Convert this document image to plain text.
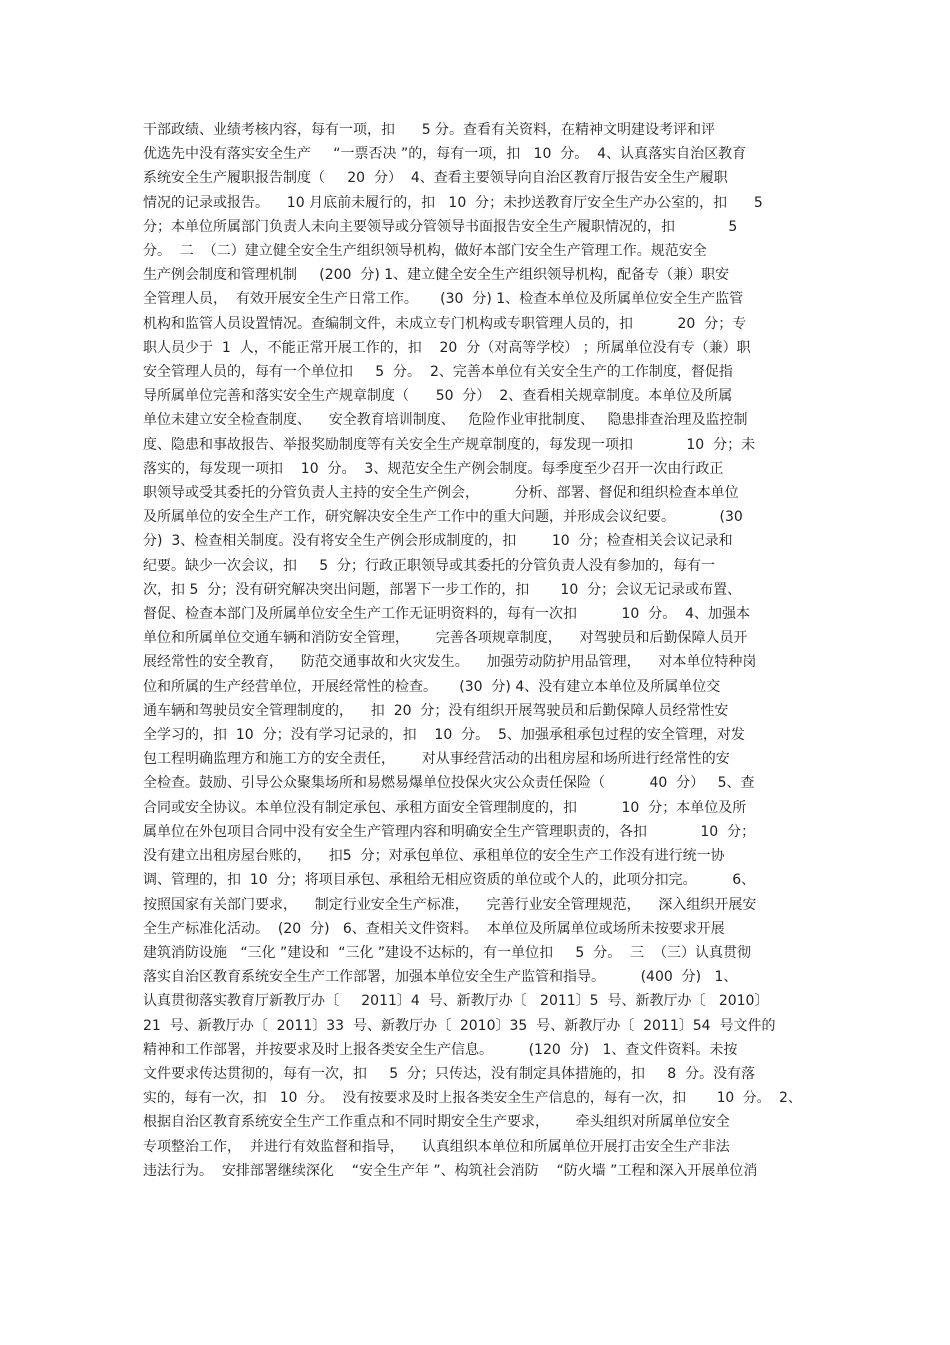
干部政绩、业绩考核内容，每有一项，扣      5 分。查看有关资料，在精神文明建设考评和评
优选先中没有落实安全生产     “一票否决 ”的，每有一项，扣   10  分。  4、认真落实自治区教育
系统安全生产履职报告制度（     20  分）  4、查看主要领导向自治区教育厅报告安全生产履职
情况的记录或报告。    10 月底前未履行的，扣   10  分；未抄送教育厅安全生产办公室的，扣      5
分；本单位所属部门负责人未向主要领导或分管领导书面报告安全生产履职情况的，扣            5
分。  二  （二）建立健全安全生产组织领导机构，做好本部门安全生产管理工作。规范安全
生产例会制度和管理机制     (200  分) 1、建立健全安全生产组织领导机构，配备专（兼）职安
全管理人员，  有效开展安全生产日常工作。     (30  分) 1、检查本单位及所属单位安全生产监管
机构和监管人员设置情况。查编制文件，未成立专门机构或专职管理人员的，扣          20  分；专
职人员少于  1  人，不能正常开展工作的，扣    20  分（对高等学校） ；所属单位没有专（兼）职
安全管理人员的，每有一个单位扣     5  分。  2、完善本单位有关安全生产的工作制度，督促指
导所属单位完善和落实安全生产规章制度（      50  分）  2、查看相关规章制度。本单位及所属
单位未建立安全检查制度、    安全教育培训制度、   危险作业审批制度、   隐患排查治理及监控制
度、隐患和事故报告、举报奖励制度等有关安全生产规章制度的，每发现一项扣            10  分；未
落实的，每发现一项扣    10  分。  3、规范安全生产例会制度。每季度至少召开一次由行政正
职领导或受其委托的分管负责人主持的安全生产例会，        分析、部署、督促和组织检查本单位
及所属单位的安全生产工作，研究解决安全生产工作中的重大问题，并形成会议纪要。          (30
分)  3、检查相关制度。没有将安全生产例会形成制度的，扣        10  分；检查相关会议记录和
纪要。缺少一次会议，扣     5  分；行政正职领导或其委托的分管负责人没有参加的，每有一
次，扣 5  分；没有研究解决突出问题，部署下一步工作的，扣       10  分；会议无记录或布置、
督促、检查本部门及所属单位安全生产工作无证明资料的，每有一次扣          10  分。  4、加强本
单位和所属单位交通车辆和消防安全管理，      完善各项规章制度，    对驾驶员和后勤保障人员开
展经常性的安全教育，    防范交通事故和火灾发生。    加强劳动防护用品管理，    对本单位特种岗
位和所属的生产经营单位，开展经常性的检查。     (30  分) 4、没有建立本单位及所属单位交
通车辆和驾驶员安全管理制度的，    扣  20  分；没有组织开展驾驶员和后勤保障人员经常性安
全学习的，扣  10  分；没有学习记录的，扣    10  分。  5、加强承租承包过程的安全管理，对发
包工程明确监理方和施工方的安全责任，      对从事经营活动的出租房屋和场所进行经常性的安
全检查。鼓励、引导公众聚集场所和易燃易爆单位投保火灾公众责任保险（          40  分）   5、查
合同或安全协议。本单位没有制定承包、承租方面安全管理制度的，扣          10  分；本单位及所
属单位在外包项目合同中没有安全生产管理内容和明确安全生产管理职责的，各扣            10  分；
没有建立出租房屋台账的，    扣5  分；对承包单位、承租单位的安全生产工作没有进行统一协
调、管理的，扣  10  分；将项目承包、承租给无相应资质的单位或个人的，此项分扣完。        6、
按照国家有关部门要求，    制定行业安全生产标准，    完善行业安全管理规范，    深入组织开展安
全生产标准化活动。  (20  分)   6、查相关文件资料。  本单位及所属单位或场所未按要求开展
建筑消防设施   “三化 ”建设和  “三化 ”建设不达标的，有一单位扣     5  分。  三  （三）认真贯彻
落实自治区教育系统安全生产工作部署，加强本单位安全生产监管和指导。        (400  分)   1、
认真贯彻落实教育厅新教厅办〔     2011〕4  号、新教厅办〔   2011〕5  号、新教厅办〔   2010〕
21  号、新教厅办〔  2011〕33  号、新教厅办〔  2010〕35  号、新教厅办〔  2011〕54  号文件的
精神和工作部署，并按要求及时上报各类安全生产信息。        (120  分)   1、查文件资料。未按
文件要求传达贯彻的，每有一次，扣     5  分；只传达，没有制定具体措施的，扣     8  分。没有落
实的，每有一次，扣   10  分。  没有按要求及时上报各类安全生产信息的，每有一次，扣       10  分。  2、
根据自治区教育系统安全生产工作重点和不同时期安全生产要求，      牵头组织对所属单位安全
专项整治工作，  并进行有效监督和指导，    认真组织本单位和所属单位开展打击安全生产非法
违法行为。  安排部署继续深化    “安全生产年 ”、构筑社会消防    “防火墙 ”工程和深入开展单位消
